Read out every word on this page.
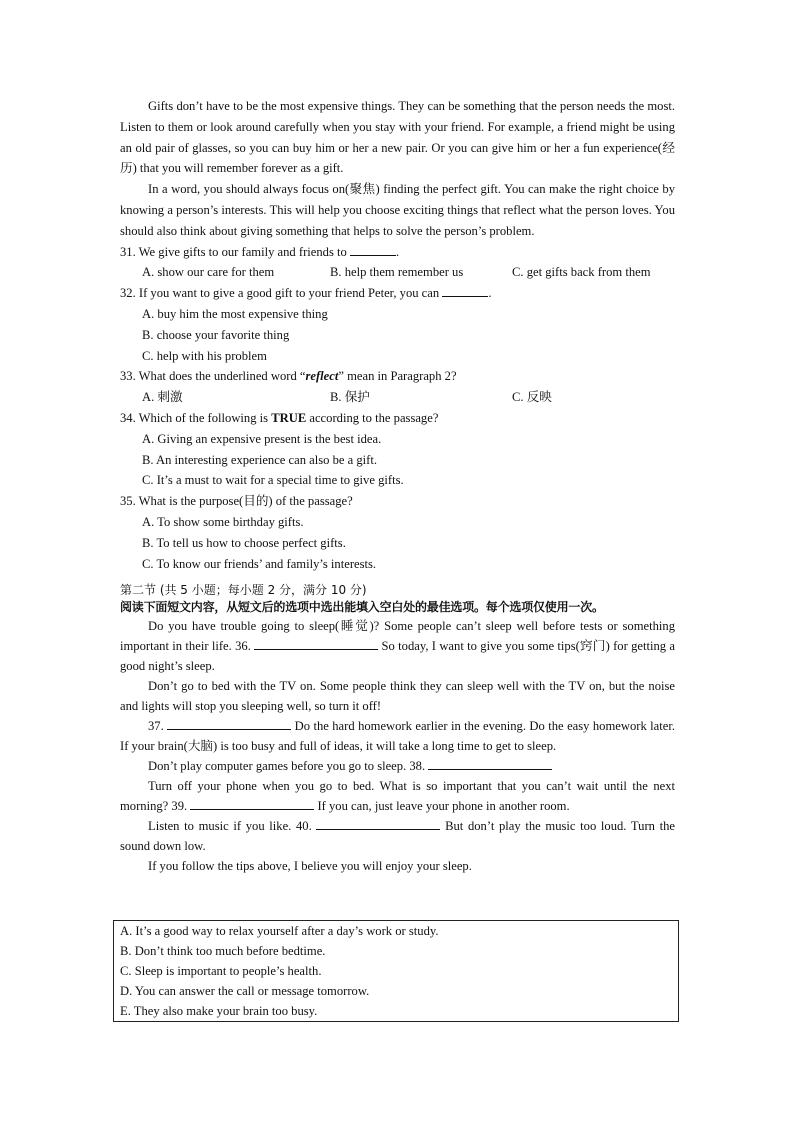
Gifts don’t have to be the most expensive things. They can be something that the person needs the most. Listen to them or look around carefully when you stay with your friend. For example, a friend might be using an old pair of glasses, so you can buy him or her a new pair. Or you can give him or her a fun experience(经历) that you will remember forever as a gift.

In a word, you should always focus on(聚焦) finding the perfect gift. You can make the right choice by knowing a person’s interests. This will help you choose exciting things that reflect what the person loves. You should also think about giving something that helps to solve the person’s problem.

31. We give gifts to our family and friends to	.

A. show our care for them	B. help them remember us	C. get gifts back from them

32. If you want to give a good gift to your friend Peter, you can	.

A. buy him the most expensive thing

B. choose your favorite thing

C. help with his problem

33. What does the underlined word “reflect” mean in Paragraph 2?

A. 刺激	B. 保护	C. 反映

34. Which of the following is TRUE according to the passage?

A. Giving an expensive present is the best idea.

B. An interesting experience can also be a gift.

C. It’s a must to wait for a special time to give gifts.

35. What is the purpose(目的) of the passage?

A. To show some birthday gifts.

B. To tell us how to choose perfect gifts.

C. To know our friends’ and family’s interests.

第二节 (共 5 小题；每小题 2 分，满分 10 分)
阅读下面短文内容，从短文后的选项中选出能填入空白处的最佳选项。每个选项仅使用一次。

Do you have trouble going to sleep(睡觉)? Some people can’t sleep well before tests or something important in their life. 36.	So today, I want to give you some tips(窍门) for getting a good night’s sleep.

Don’t go to bed with the TV on. Some people think they can sleep well with the TV on, but the noise and lights will stop you sleeping well, so turn it off!

37.	Do the hard homework earlier in the evening. Do the easy homework later. If your brain(大脑) is too busy and full of ideas, it will take a long time to get to sleep.

Don’t play computer games before you go to sleep. 38.

Turn off your phone when you go to bed. What is so important that you can’t wait until the next morning? 39.	If you can, just leave your phone in another room.

Listen to music if you like. 40.	But don’t play the music too loud. Turn the sound down low.

If you follow the tips above, I believe you will enjoy your sleep.

A. It’s a good way to relax yourself after a day’s work or study.
B. Don’t think too much before bedtime.
C. Sleep is important to people’s health.
D. You can answer the call or message tomorrow.
E. They also make your brain too busy.
